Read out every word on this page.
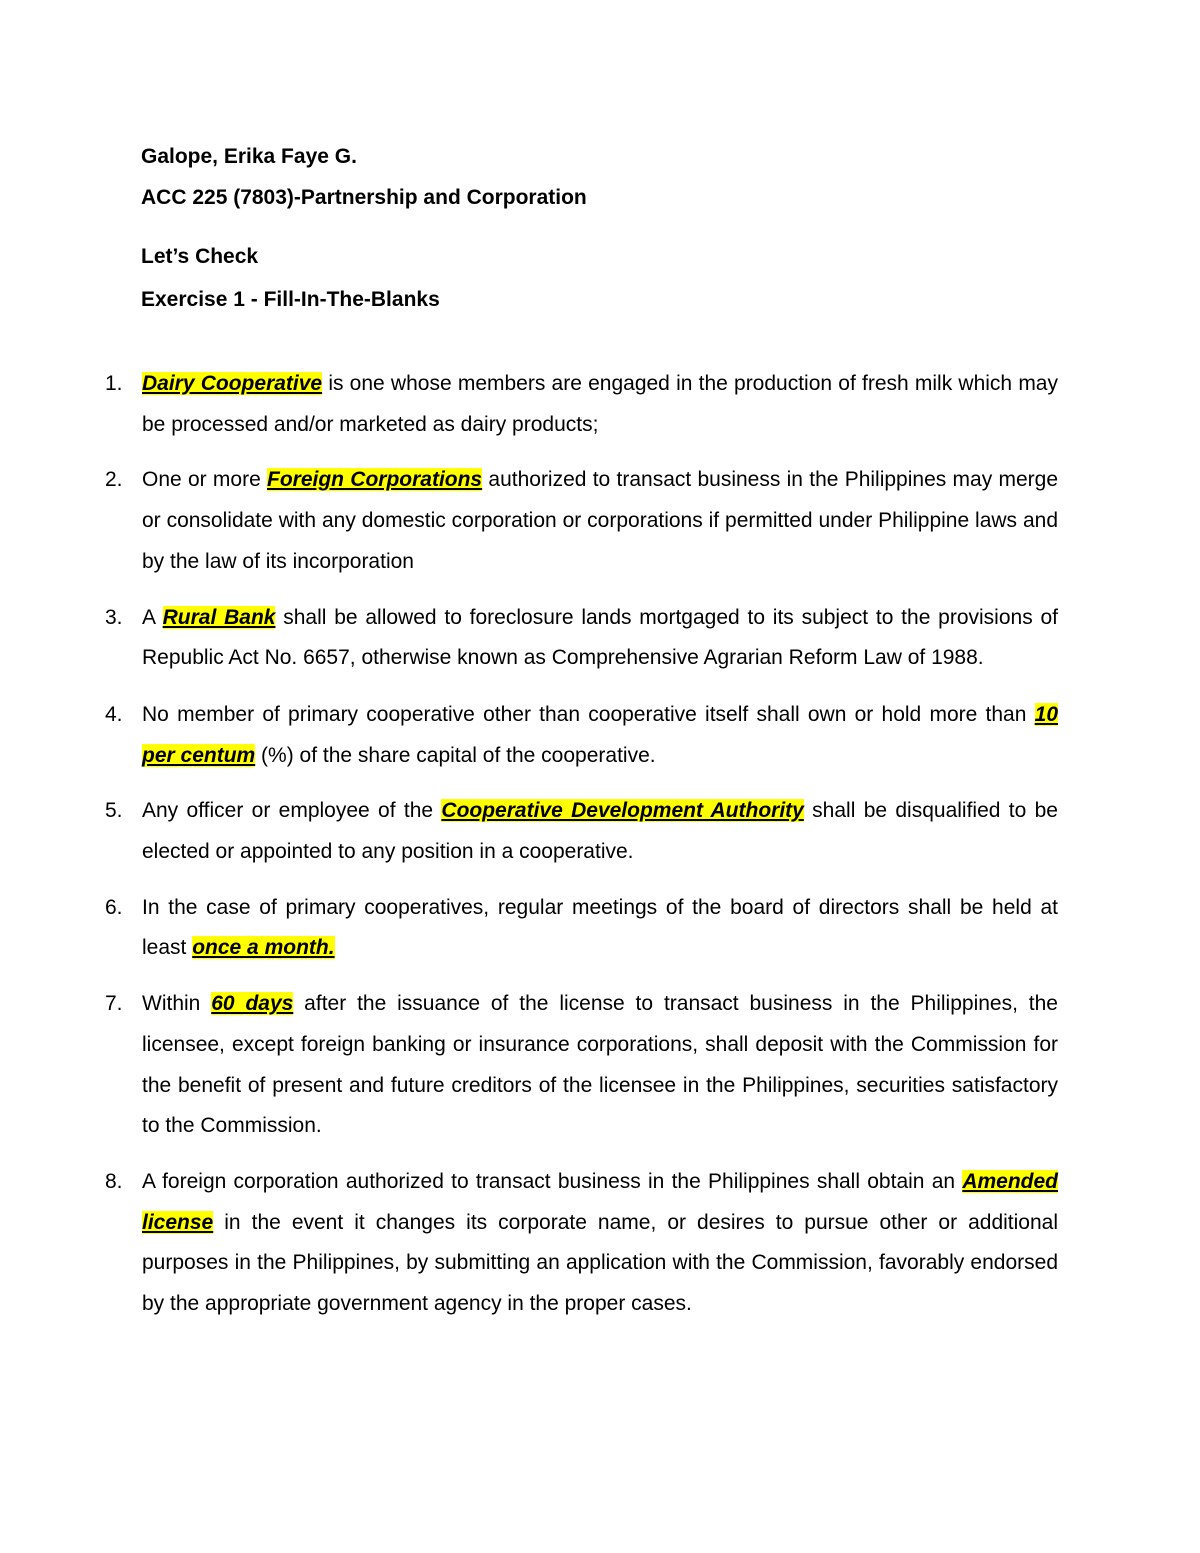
Galope, Erika Faye G.
ACC 225 (7803)-Partnership and Corporation
Let’s Check
Exercise 1 - Fill-In-The-Blanks
1. Dairy Cooperative is one whose members are engaged in the production of fresh milk which may be processed and/or marketed as dairy products;
2. One or more Foreign Corporations authorized to transact business in the Philippines may merge or consolidate with any domestic corporation or corporations if permitted under Philippine laws and by the law of its incorporation
3. A Rural Bank shall be allowed to foreclosure lands mortgaged to its subject to the provisions of Republic Act No. 6657, otherwise known as Comprehensive Agrarian Reform Law of 1988.
4. No member of primary cooperative other than cooperative itself shall own or hold more than 10 per centum (%) of the share capital of the cooperative.
5. Any officer or employee of the Cooperative Development Authority shall be disqualified to be elected or appointed to any position in a cooperative.
6. In the case of primary cooperatives, regular meetings of the board of directors shall be held at least once a month.
7. Within 60 days after the issuance of the license to transact business in the Philippines, the licensee, except foreign banking or insurance corporations, shall deposit with the Commission for the benefit of present and future creditors of the licensee in the Philippines, securities satisfactory to the Commission.
8. A foreign corporation authorized to transact business in the Philippines shall obtain an Amended license in the event it changes its corporate name, or desires to pursue other or additional purposes in the Philippines, by submitting an application with the Commission, favorably endorsed by the appropriate government agency in the proper cases.
